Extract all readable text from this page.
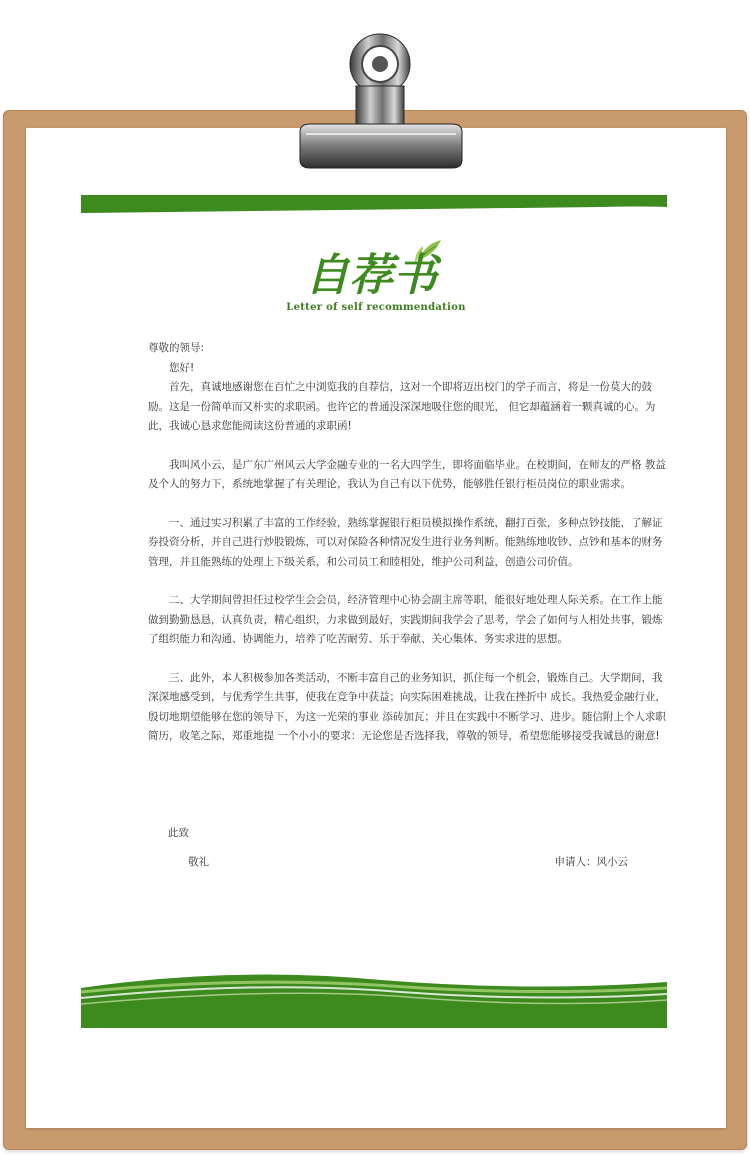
自荐书
Letter of self recommendation

尊敬的领导:

您好!

首先，真诚地感谢您在百忙之中浏览我的自荐信，这对一个即将迈出校门的学子而言，将是一份莫大的鼓励。这是一份简单而又朴实的求职函。也许它的普通没深深地吸住您的眼光， 但它却蕴涵着一颗真诚的心。为此，我诚心恳求您能阅读这份普通的求职函!

我叫风小云，是广东广州风云大学金融专业的一名大四学生，即将面临毕业。在校期间，在师友的严格 教益及个人的努力下，系统地掌握了有关理论，我认为自己有以下优势，能够胜任银行柜员岗位的职业需求。

一、通过实习积累了丰富的工作经验，熟练掌握银行柜员模拟操作系统，翻打百张，多种点钞技能，了解证券投资分析，并自己进行炒股锻炼，可以对保险各种情况发生进行业务判断。能熟练地收钞、点钞和基本的财务管理，并且能熟练的处理上下级关系，和公司员工和睦相处，维护公司利益，创造公司价值。

二、大学期间曾担任过校学生会会员，经济管理中心协会副主席等职，能很好地处理人际关系。在工作上能做到勤勤恳恳，认真负责，精心组织，力求做到最好，实践期间我学会了思考，学会了如何与人相处共事，锻炼了组织能力和沟通、协调能力，培养了吃苦耐劳、乐于奉献、关心集体、务实求进的思想。

三、此外，本人积极参加各类活动，不断丰富自己的业务知识，抓住每一个机会，锻炼自己。大学期间，我深深地感受到，与优秀学生共事，使我在竞争中获益；向实际困难挑战，让我在挫折中 成长。我热爱金融行业，殷切地期望能够在您的领导下，为这一光荣的事业 添砖加瓦；并且在实践中不断学习、进步。随信附上个人求职简历，收笔之际，郑重地提 一个小小的要求：无论您是否选择我，尊敬的领导，希望您能够接受我诚恳的谢意!

此致
敬礼	申请人：风小云
